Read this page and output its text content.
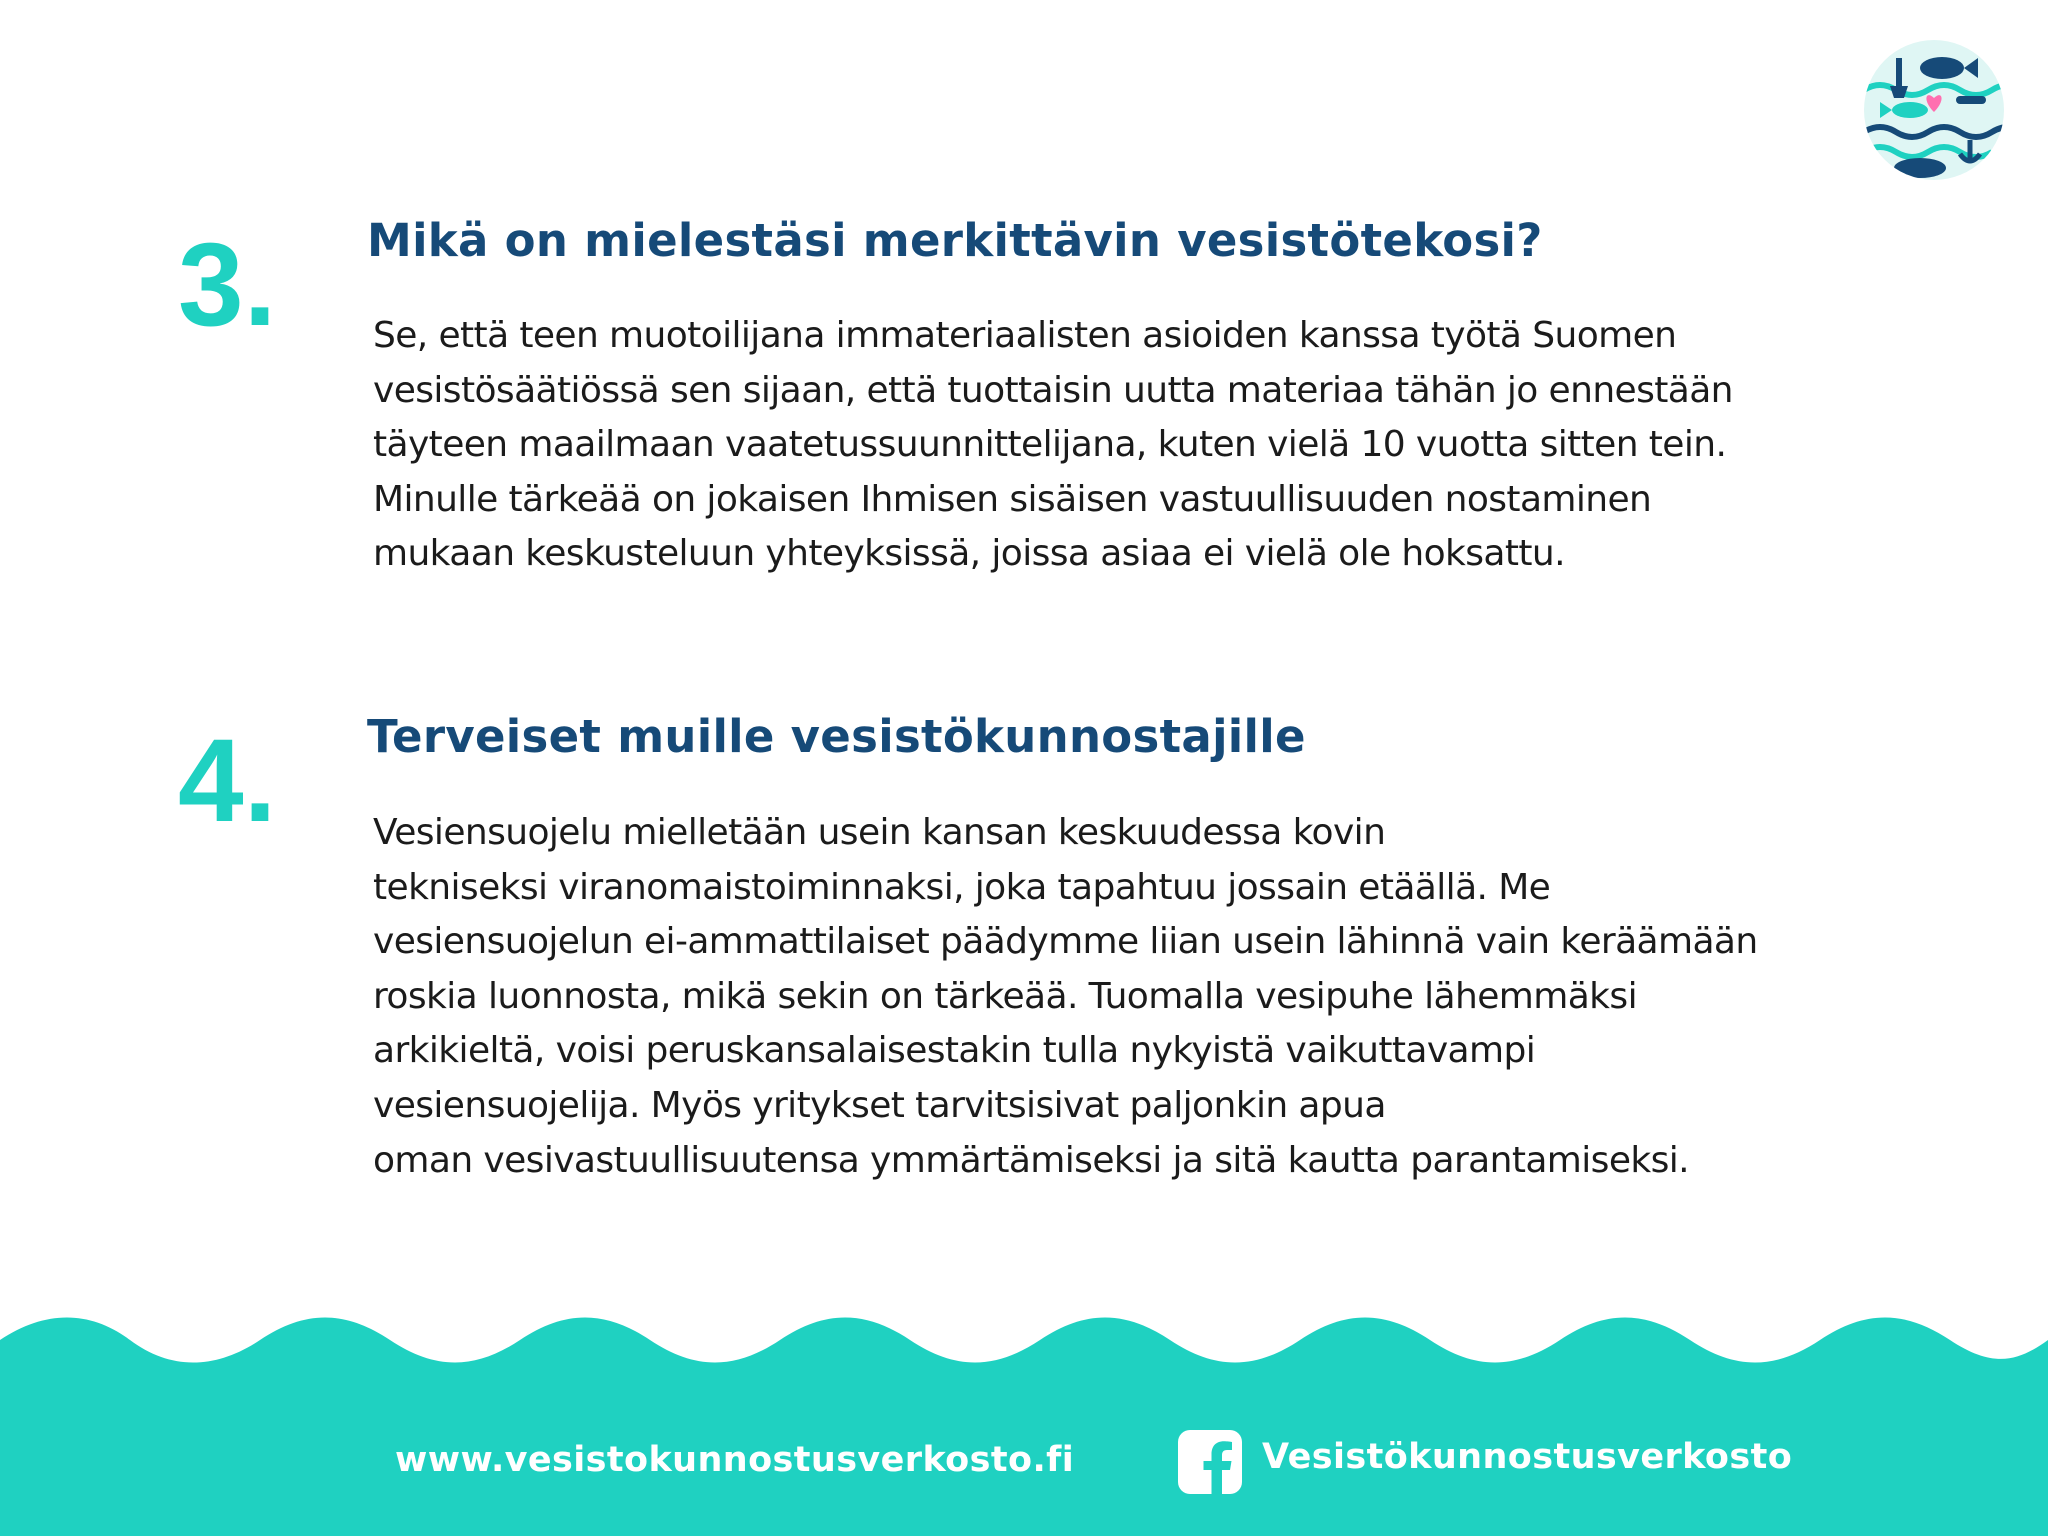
3. Mikä on mielestäsi merkittävin vesistötekosi?

Se, että teen muotoilijana immateriaalisten asioiden kanssa työtä Suomen
vesistösäätiössä sen sijaan, että tuottaisin uutta materiaa tähän jo ennestään
täyteen maailmaan vaatetussuunnittelijana, kuten vielä 10 vuotta sitten tein.
Minulle tärkeää on jokaisen Ihmisen sisäisen vastuullisuuden nostaminen
mukaan keskusteluun yhteyksissä, joissa asiaa ei vielä ole hoksattu.

4. Terveiset muille vesistökunnostajille

Vesiensuojelu mielletään usein kansan keskuudessa kovin
tekniseksi viranomaistoiminnaksi, joka tapahtuu jossain etäällä. Me
vesiensuojelun ei-ammattilaiset päädymme liian usein lähinnä vain keräämään
roskia luonnosta, mikä sekin on tärkeää. Tuomalla vesipuhe lähemmäksi
arkikieltä, voisi peruskansalaisestakin tulla nykyistä vaikuttavampi
vesiensuojelija. Myös yritykset tarvitsisivat paljonkin apua
oman vesivastuullisuutensa ymmärtämiseksi ja sitä kautta parantamiseksi.

www.vesistokunnostusverkosto.fi	Vesistökunnostusverkosto
